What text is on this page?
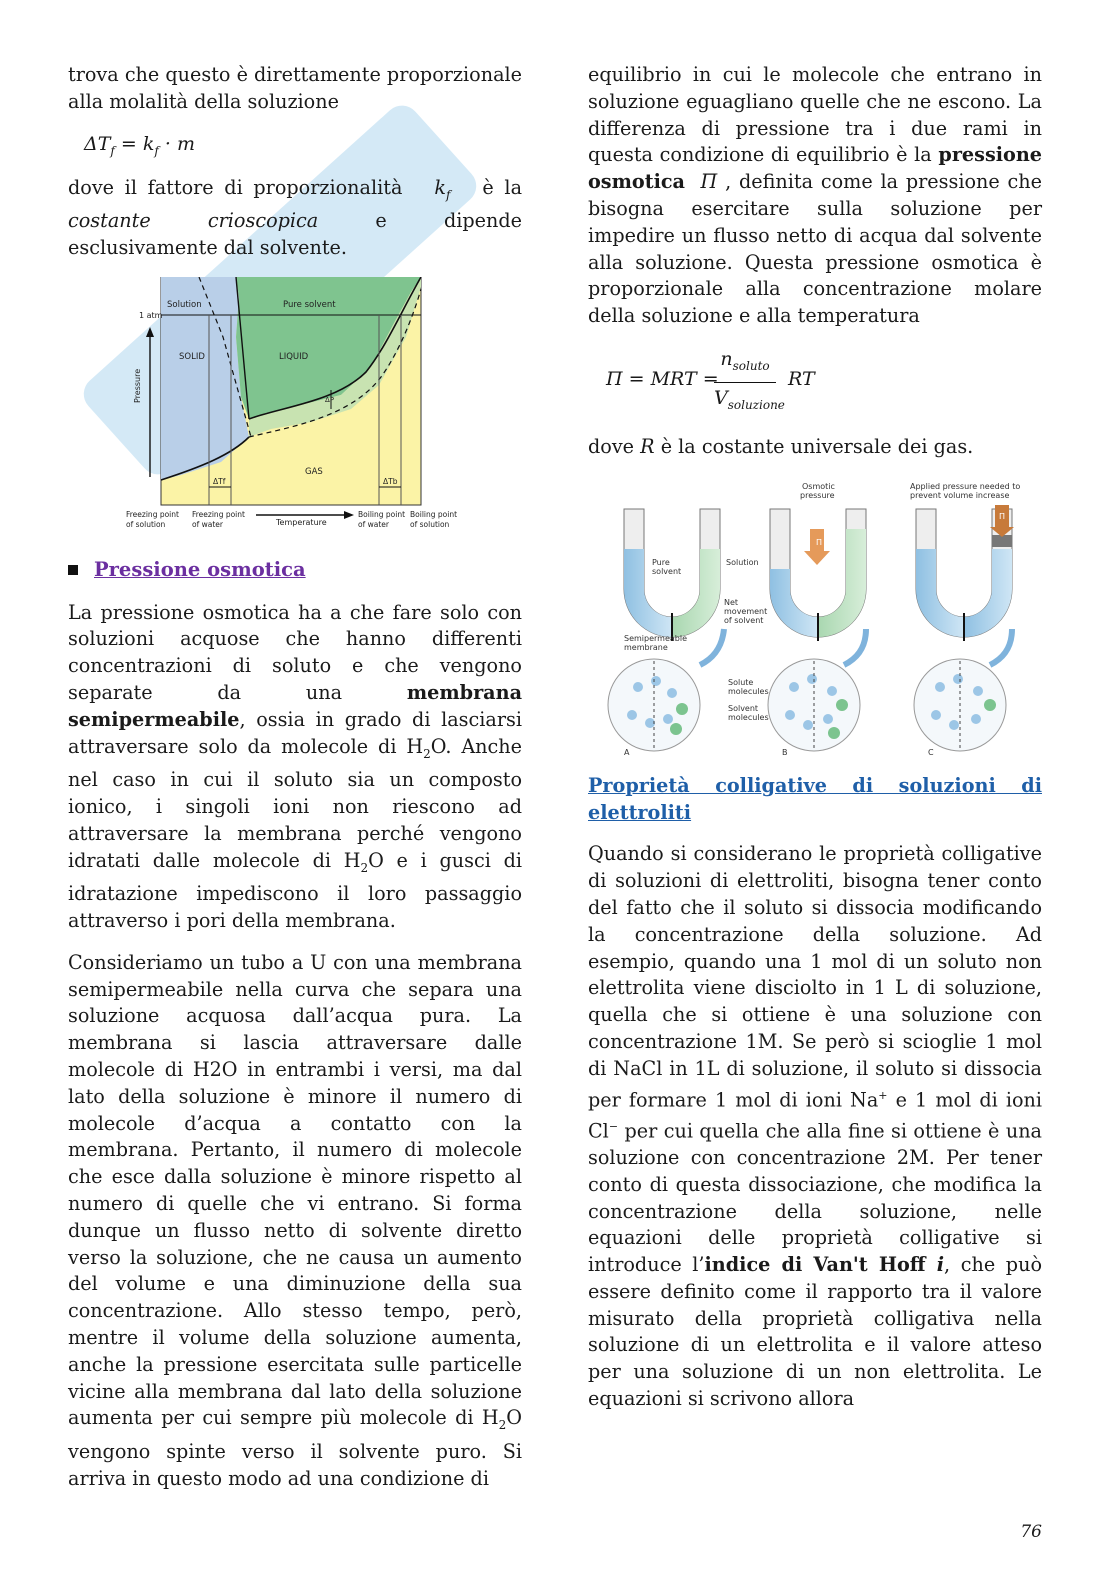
trova che questo è direttamente proporzionale alla molalità della soluzione

$\Delta T_f = k_f \cdot m$

dove il fattore di proporzionalità   $k_f$ è la costante crioscopica	e dipende esclusivamente dal solvente.

Solution	Pure solvent
1 atm
SOLID	LIQUID
GAS
ΔP
ΔTf	ΔTb
Pressure
Temperature
Freezing point of solution
Freezing point of water
Boiling point of water
Boiling point of solution
Pressione osmotica

La pressione osmotica ha a che fare solo con soluzioni acquose che hanno differenti concentrazioni di soluto e che vengono separate da una membrana semipermeabile, ossia in grado di lasciarsi attraversare solo da molecole di $H_2O$. Anche nel caso in cui il soluto sia un composto ionico, i singoli ioni non riescono ad attraversare la membrana perché vengono idratati dalle molecole di $H_2O$ e i gusci di idratazione impediscono il loro passaggio attraverso i pori della membrana.

Consideriamo un tubo a U con una membrana semipermeabile nella curva che separa una soluzione acquosa dall’acqua pura. La membrana si lascia attraversare dalle molecole di H2O in entrambi i versi, ma dal lato della soluzione è minore il numero di molecole d’acqua a contatto con la membrana. Pertanto, il numero di molecole che esce dalla soluzione è minore rispetto al numero di quelle che vi entrano. Si forma dunque un flusso netto di solvente diretto verso la soluzione, che ne causa un aumento del volume e una diminuzione della sua concentrazione. Allo stesso tempo, però, mentre il volume della soluzione aumenta, anche la pressione esercitata sulle particelle vicine alla membrana dal lato della soluzione aumenta per cui sempre più molecole di $H_2O$ vengono spinte verso il solvente puro. Si arriva in questo modo ad una condizione di

equilibrio in cui le molecole che entrano in soluzione eguagliano quelle che ne escono. La differenza di pressione tra i due rami in questa condizione di equilibrio è la pressione osmotica Π , definita come la pressione che bisogna esercitare sulla soluzione per impedire un flusso netto di acqua dal solvente alla soluzione. Questa pressione osmotica è proporzionale alla concentrazione molare della soluzione e alla temperatura

Π = MRT =
$n_{soluto}$
$V_{soluzione}$
RT

dove R è la costante universale dei gas.

Osmotic pressure
Applied pressure needed to prevent volume increase
Pure solvent
Solution
Net movement of solvent
Semipermeable membrane
Solute molecules
Solvent molecules
Π
Π
A	B	C

Proprietà colligative di soluzioni di elettroliti

Quando si considerano le proprietà colligative di soluzioni di elettroliti, bisogna tener conto del fatto che il soluto si dissocia modificando la concentrazione della soluzione. Ad esempio, quando una 1 mol di un soluto non elettrolita viene disciolto in 1 L di soluzione, quella che si ottiene è una soluzione con concentrazione 1M. Se però si scioglie 1 mol di NaCl in 1L di soluzione, il soluto si dissocia per formare 1 mol di ioni Na+ e 1 mol di ioni Cl− per cui quella che alla fine si ottiene è una soluzione con concentrazione 2M. Per tener conto di questa dissociazione, che modifica la concentrazione della soluzione, nelle equazioni delle proprietà colligative si introduce l’indice di Van't Hoff i, che può essere definito come il rapporto tra il valore misurato della proprietà colligativa nella soluzione di un elettrolita e il valore atteso per una soluzione di un non elettrolita. Le equazioni si scrivono allora

76
